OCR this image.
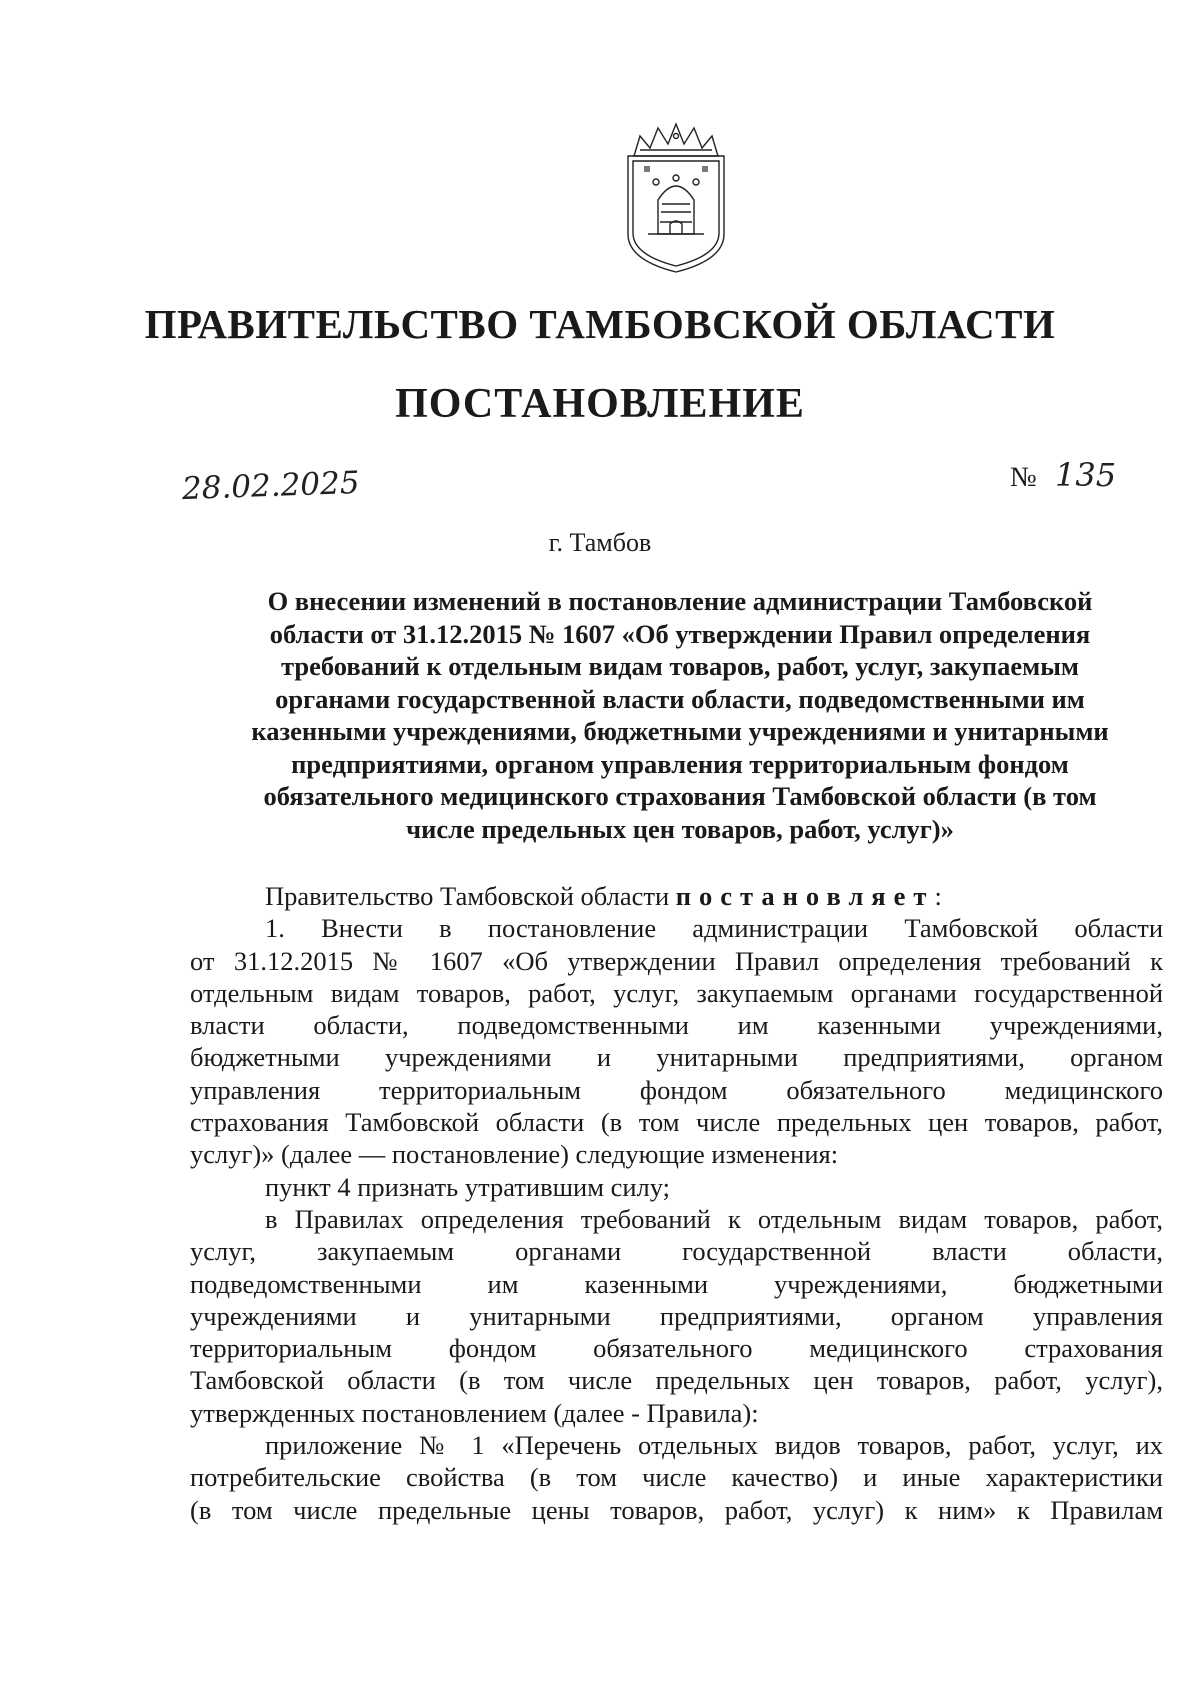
ПРАВИТЕЛЬСТВО ТАМБОВСКОЙ ОБЛАСТИ
ПОСТАНОВЛЕНИЕ
28.02.2025	№ 135
г. Тамбов
О внесении изменений в постановление администрации Тамбовской
области от 31.12.2015 № 1607 «Об утверждении Правил определения
требований к отдельным видам товаров, работ, услуг, закупаемым
органами государственной власти области, подведомственными им
казенными учреждениями, бюджетными учреждениями и унитарными
предприятиями, органом управления территориальным фондом
обязательного медицинского страхования Тамбовской области (в том
числе предельных цен товаров, работ, услуг)»
Правительство Тамбовской области постановляет:
1. Внести в постановление администрации Тамбовской области
от 31.12.2015 № 1607 «Об утверждении Правил определения требований к
отдельным видам товаров, работ, услуг, закупаемым органами государственной
власти области, подведомственными им казенными учреждениями,
бюджетными учреждениями и унитарными предприятиями, органом
управления территориальным фондом обязательного медицинского
страхования Тамбовской области (в том числе предельных цен товаров, работ,
услуг)» (далее — постановление) следующие изменения:
пункт 4 признать утратившим силу;
в Правилах определения требований к отдельным видам товаров, работ,
услуг, закупаемым органами государственной власти области,
подведомственными им казенными учреждениями, бюджетными
учреждениями и унитарными предприятиями, органом управления
территориальным фондом обязательного медицинского страхования
Тамбовской области (в том числе предельных цен товаров, работ, услуг),
утвержденных постановлением (далее - Правила):
приложение № 1 «Перечень отдельных видов товаров, работ, услуг, их
потребительские свойства (в том числе качество) и иные характеристики
(в том числе предельные цены товаров, работ, услуг) к ним» к Правилам
